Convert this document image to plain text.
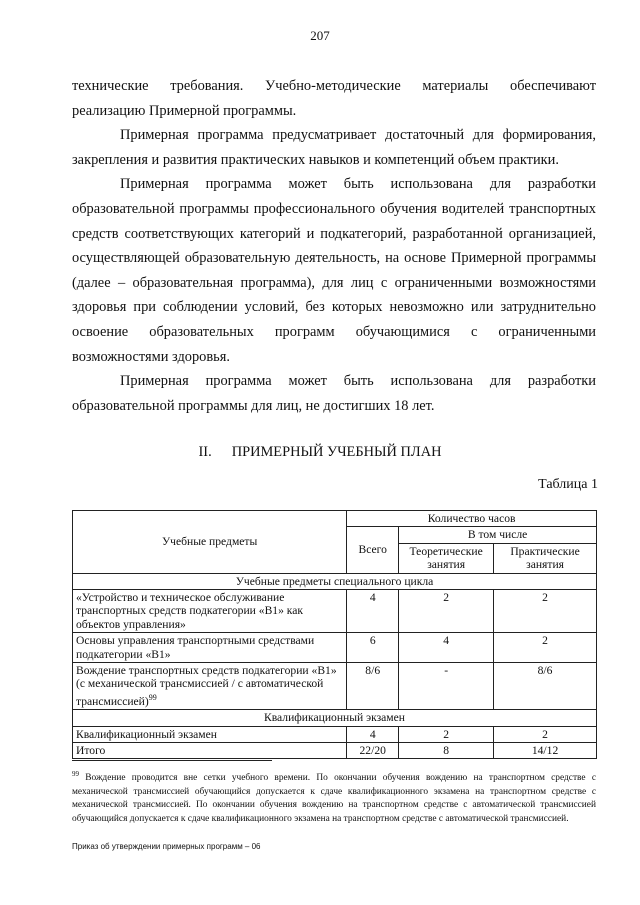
207

технические требования. Учебно-методические материалы обеспечивают реализацию Примерной программы.

Примерная программа предусматривает достаточный для формирования, закрепления и развития практических навыков и компетенций объем практики.

Примерная программа может быть использована для разработки образовательной программы профессионального обучения водителей транспортных средств соответствующих категорий и подкатегорий, разработанной организацией, осуществляющей образовательную деятельность, на основе Примерной программы (далее – образовательная программа), для лиц с ограниченными возможностями здоровья при соблюдении условий, без которых невозможно или затруднительно освоение образовательных программ обучающимися с ограниченными возможностями здоровья.

Примерная программа может быть использована для разработки образовательной программы для лиц, не достигших 18 лет.

II. ПРИМЕРНЫЙ УЧЕБНЫЙ ПЛАН
Таблица 1
Учебные предметы	Количество часов		
	Всего	В том числе	
		Теоретические занятия	Практические занятия
Учебные предметы специального цикла			
«Устройство и техническое обслуживание транспортных средств подкатегории «В1» как объектов управления»	4	2	2
Основы управления транспортными средствами подкатегории «В1»	6	4	2
Вождение транспортных средств подкатегории «В1» (с механической трансмиссией / с автоматической трансмиссией)$^{99}$	8/6	-	8/6
Квалификационный экзамен			
Квалификационный экзамен	4	2	2
Итого	22/20	8	14/12
$^{99}$ Вождение проводится вне сетки учебного времени. По окончании обучения вождению на транспортном средстве с механической трансмиссией обучающийся допускается к сдаче квалификационного экзамена на транспортном средстве с механической трансмиссией. По окончании обучения вождению на транспортном средстве с автоматической трансмиссией обучающийся допускается к сдаче квалификационного экзамена на транспортном средстве с автоматической трансмиссией.
Приказ об утверждении примерных программ – 06
